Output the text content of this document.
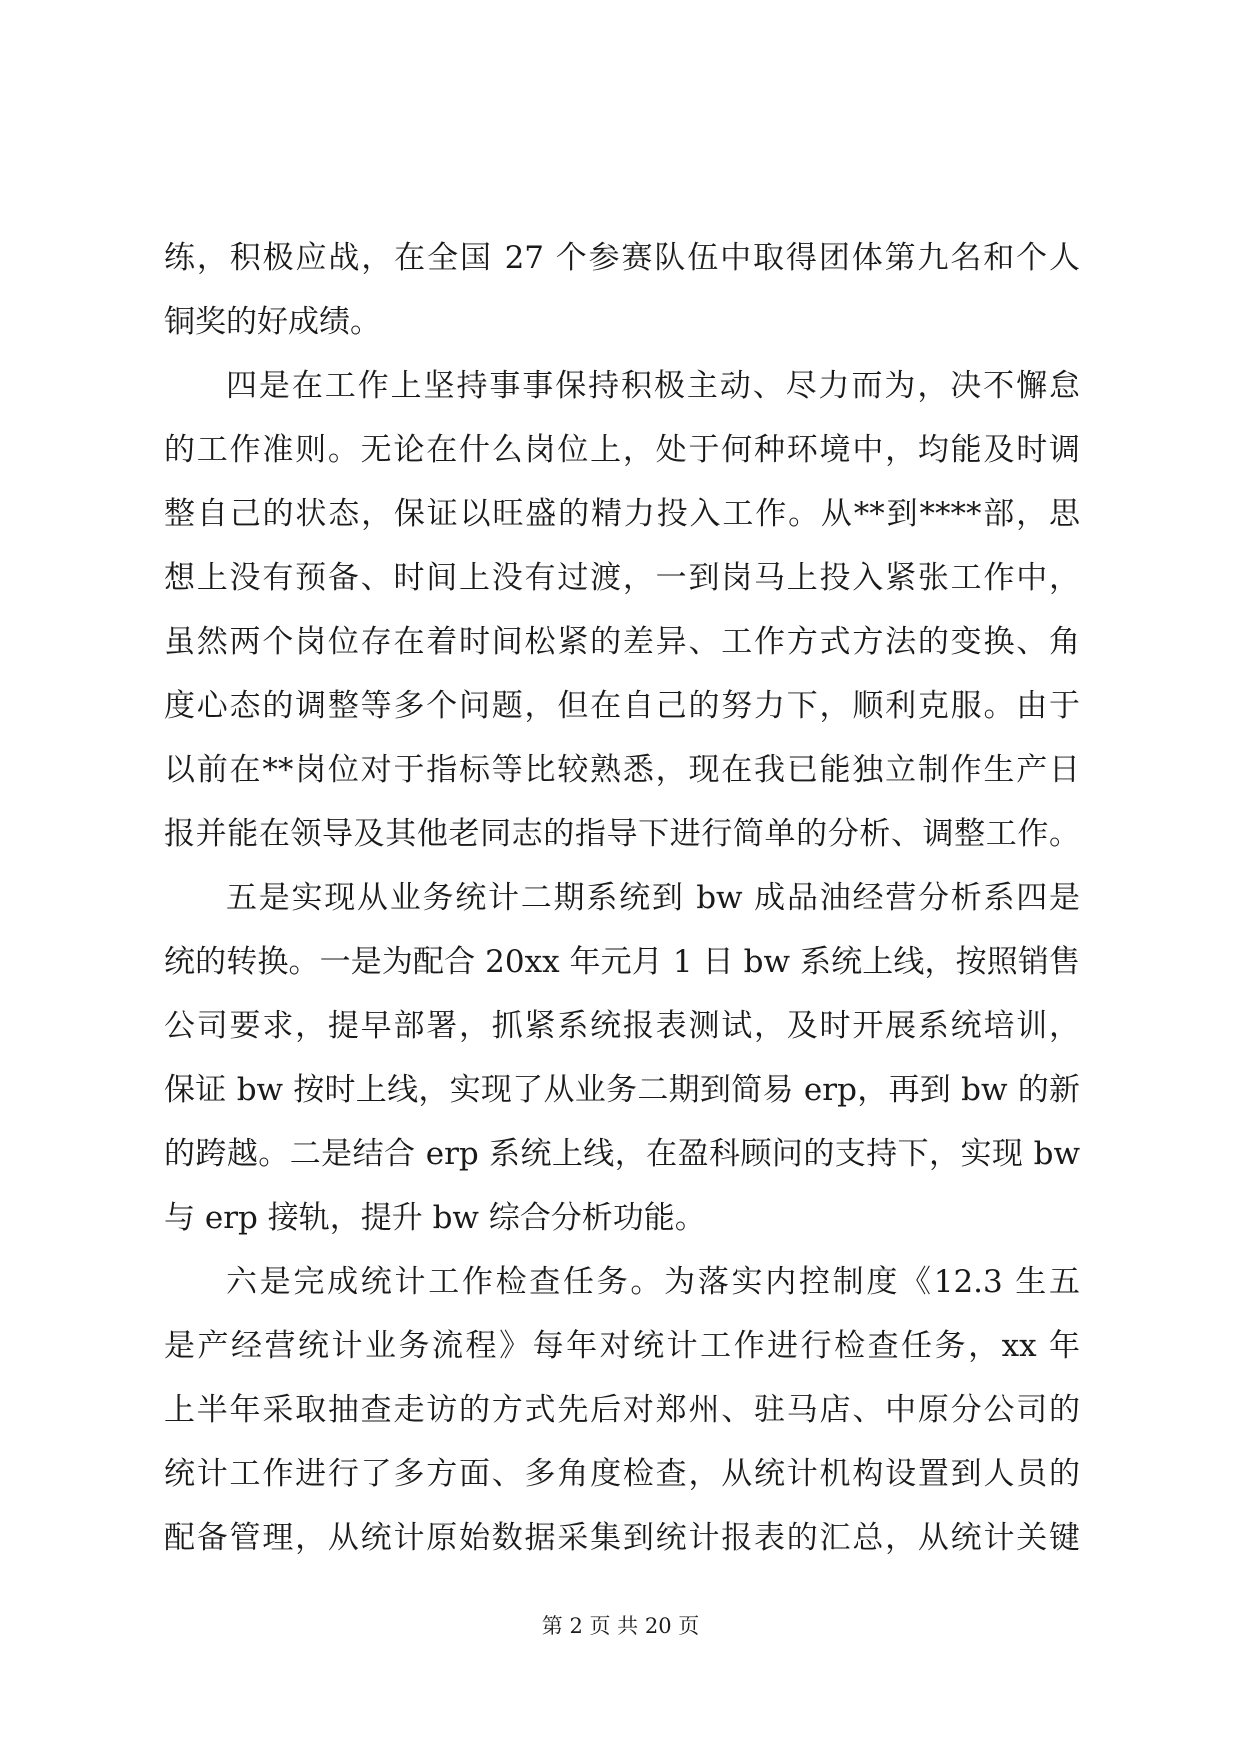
练，积极应战，在全国 27 个参赛队伍中取得团体第九名和个人
铜奖的好成绩。
四是在工作上坚持事事保持积极主动、尽力而为，决不懈怠
的工作准则。无论在什么岗位上，处于何种环境中，均能及时调
整自己的状态，保证以旺盛的精力投入工作。从**到****部，思
想上没有预备、时间上没有过渡，一到岗马上投入紧张工作中，
虽然两个岗位存在着时间松紧的差异、工作方式方法的变换、角
度心态的调整等多个问题，但在自己的努力下，顺利克服。由于
以前在**岗位对于指标等比较熟悉，现在我已能独立制作生产日
报并能在领导及其他老同志的指导下进行简单的分析、调整工作。
五是实现从业务统计二期系统到 bw 成品油经营分析系四是
统的转换。一是为配合 20xx 年元月 1 日 bw 系统上线，按照销售
公司要求，提早部署，抓紧系统报表测试，及时开展系统培训，
保证 bw 按时上线，实现了从业务二期到简易 erp，再到 bw 的新
的跨越。二是结合 erp 系统上线，在盈科顾问的支持下，实现 bw
与 erp 接轨，提升 bw 综合分析功能。
六是完成统计工作检查任务。为落实内控制度《12.3 生五
是产经营统计业务流程》每年对统计工作进行检查任务，xx 年
上半年采取抽查走访的方式先后对郑州、驻马店、中原分公司的
统计工作进行了多方面、多角度检查，从统计机构设置到人员的
配备管理，从统计原始数据采集到统计报表的汇总，从统计关键
第 2 页 共 20 页
